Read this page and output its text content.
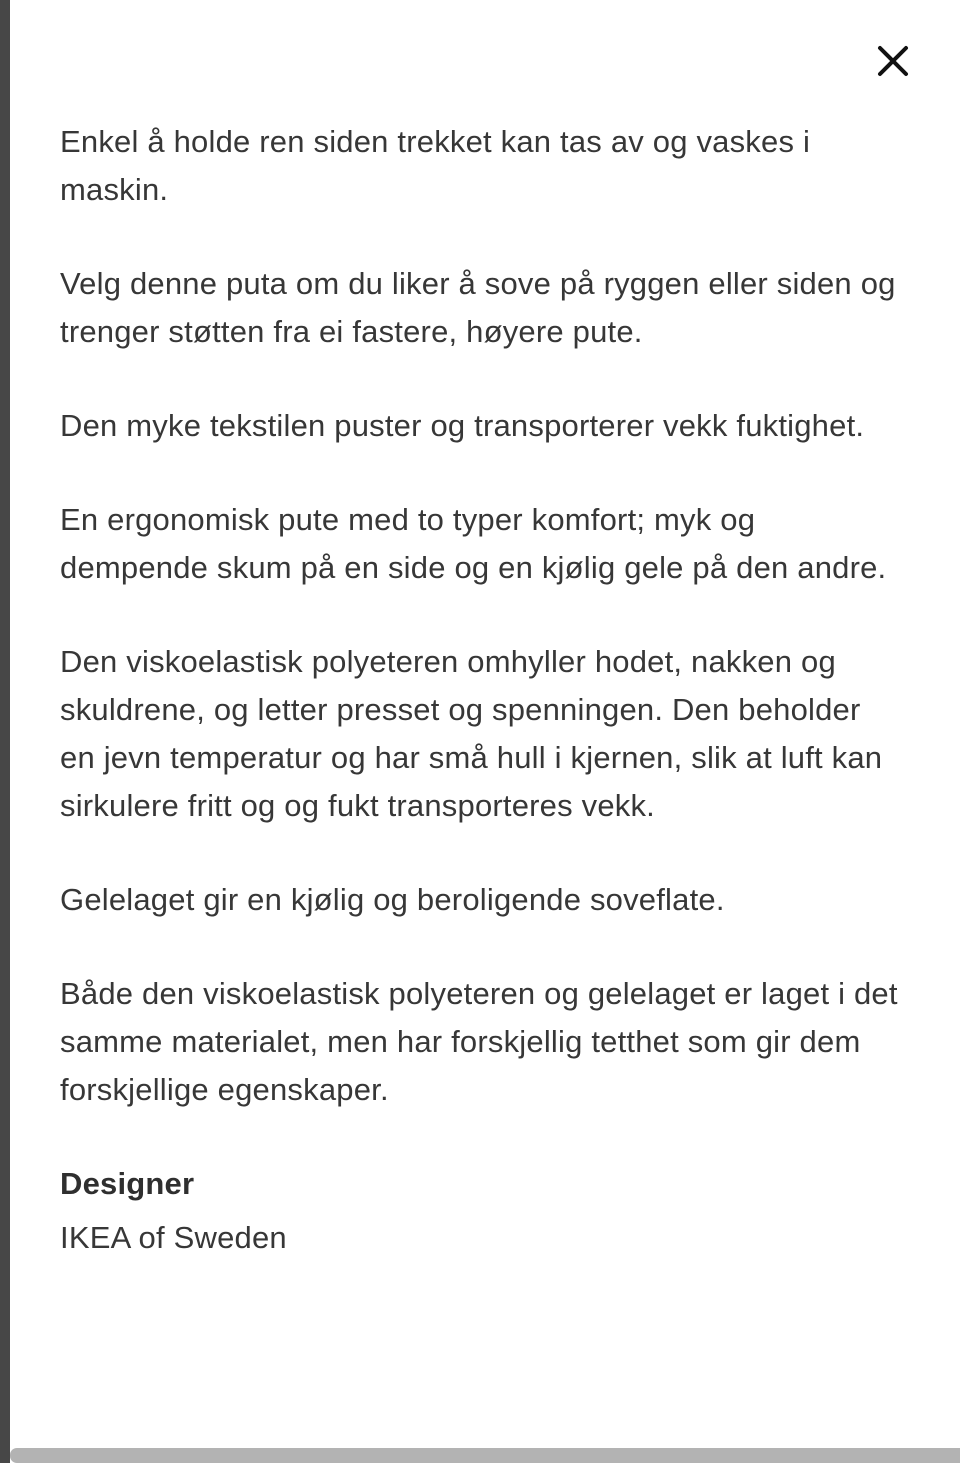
Enkel å holde ren siden trekket kan tas av og vaskes i maskin.

Velg denne puta om du liker å sove på ryggen eller siden og trenger støtten fra ei fastere, høyere pute.

Den myke tekstilen puster og transporterer vekk fuktighet.

En ergonomisk pute med to typer komfort; myk og dempende skum på en side og en kjølig gele på den andre.

Den viskoelastisk polyeteren omhyller hodet, nakken og skuldrene, og letter presset og spenningen. Den beholder en jevn temperatur og har små hull i kjernen, slik at luft kan sirkulere fritt og og fukt transporteres vekk.

Gelelaget gir en kjølig og beroligende soveflate.

Både den viskoelastisk polyeteren og gelelaget er laget i det samme materialet, men har forskjellig tetthet som gir dem forskjellige egenskaper.

Designer
IKEA of Sweden
